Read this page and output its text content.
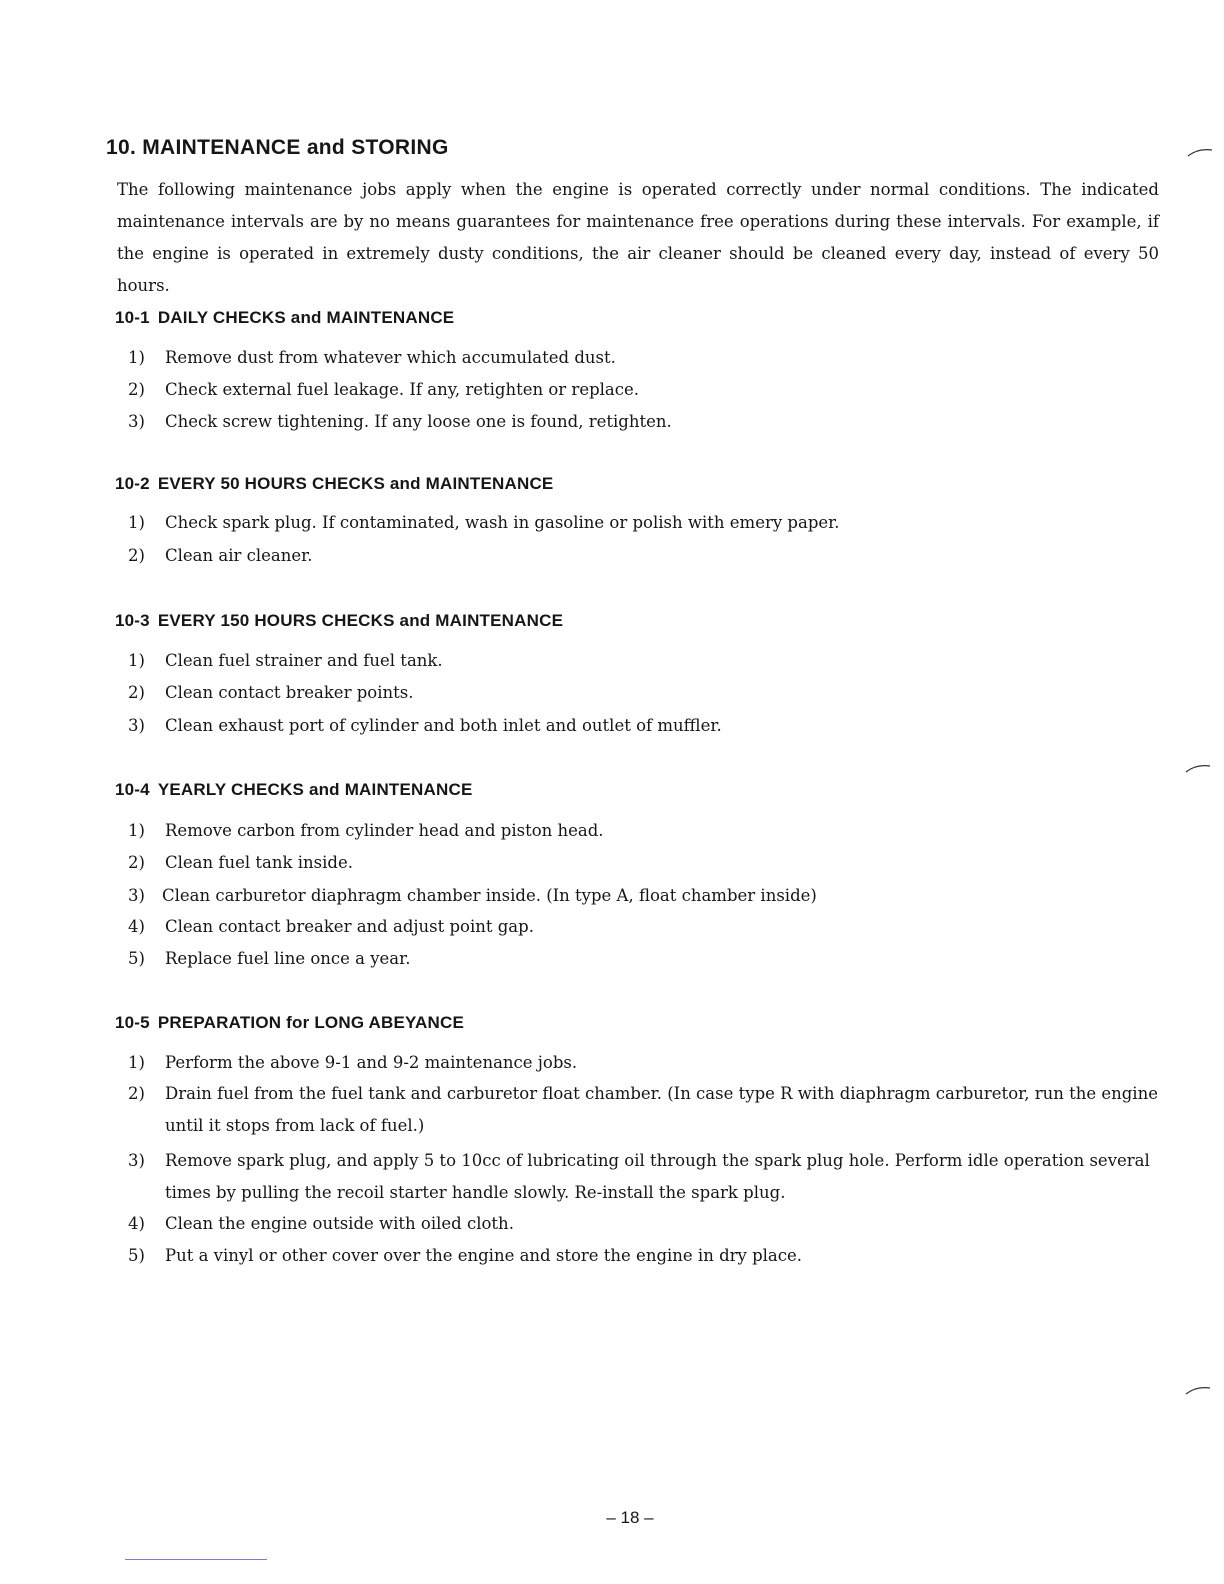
10. MAINTENANCE and STORING

The following maintenance jobs apply when the engine is operated correctly under normal conditions. The indicated maintenance intervals are by no means guarantees for maintenance free operations during these intervals. For example, if the engine is operated in extremely dusty conditions, the air cleaner should be cleaned every day, instead of every 50 hours.

10-1 DAILY CHECKS and MAINTENANCE

1) Remove dust from whatever which accumulated dust.

2) Check external fuel leakage. If any, retighten or replace.

3) Check screw tightening. If any loose one is found, retighten.

10-2 EVERY 50 HOURS CHECKS and MAINTENANCE

1) Check spark plug. If contaminated, wash in gasoline or polish with emery paper.

2) Clean air cleaner.

10-3 EVERY 150 HOURS CHECKS and MAINTENANCE

1) Clean fuel strainer and fuel tank.

2) Clean contact breaker points.

3) Clean exhaust port of cylinder and both inlet and outlet of muffler.

10-4 YEARLY CHECKS and MAINTENANCE

1) Remove carbon from cylinder head and piston head.

2) Clean fuel tank inside.

3) Clean carburetor diaphragm chamber inside. (In type A, float chamber inside)

4) Clean contact breaker and adjust point gap.

5) Replace fuel line once a year.

10-5 PREPARATION for LONG ABEYANCE

1) Perform the above 9-1 and 9-2 maintenance jobs.

2) Drain fuel from the fuel tank and carburetor float chamber. (In case type R with diaphragm carburetor, run the engine until it stops from lack of fuel.)

3) Remove spark plug, and apply 5 to 10cc of lubricating oil through the spark plug hole. Perform idle operation several times by pulling the recoil starter handle slowly. Re-install the spark plug.

4) Clean the engine outside with oiled cloth.

5) Put a vinyl or other cover over the engine and store the engine in dry place.

– 18 –
